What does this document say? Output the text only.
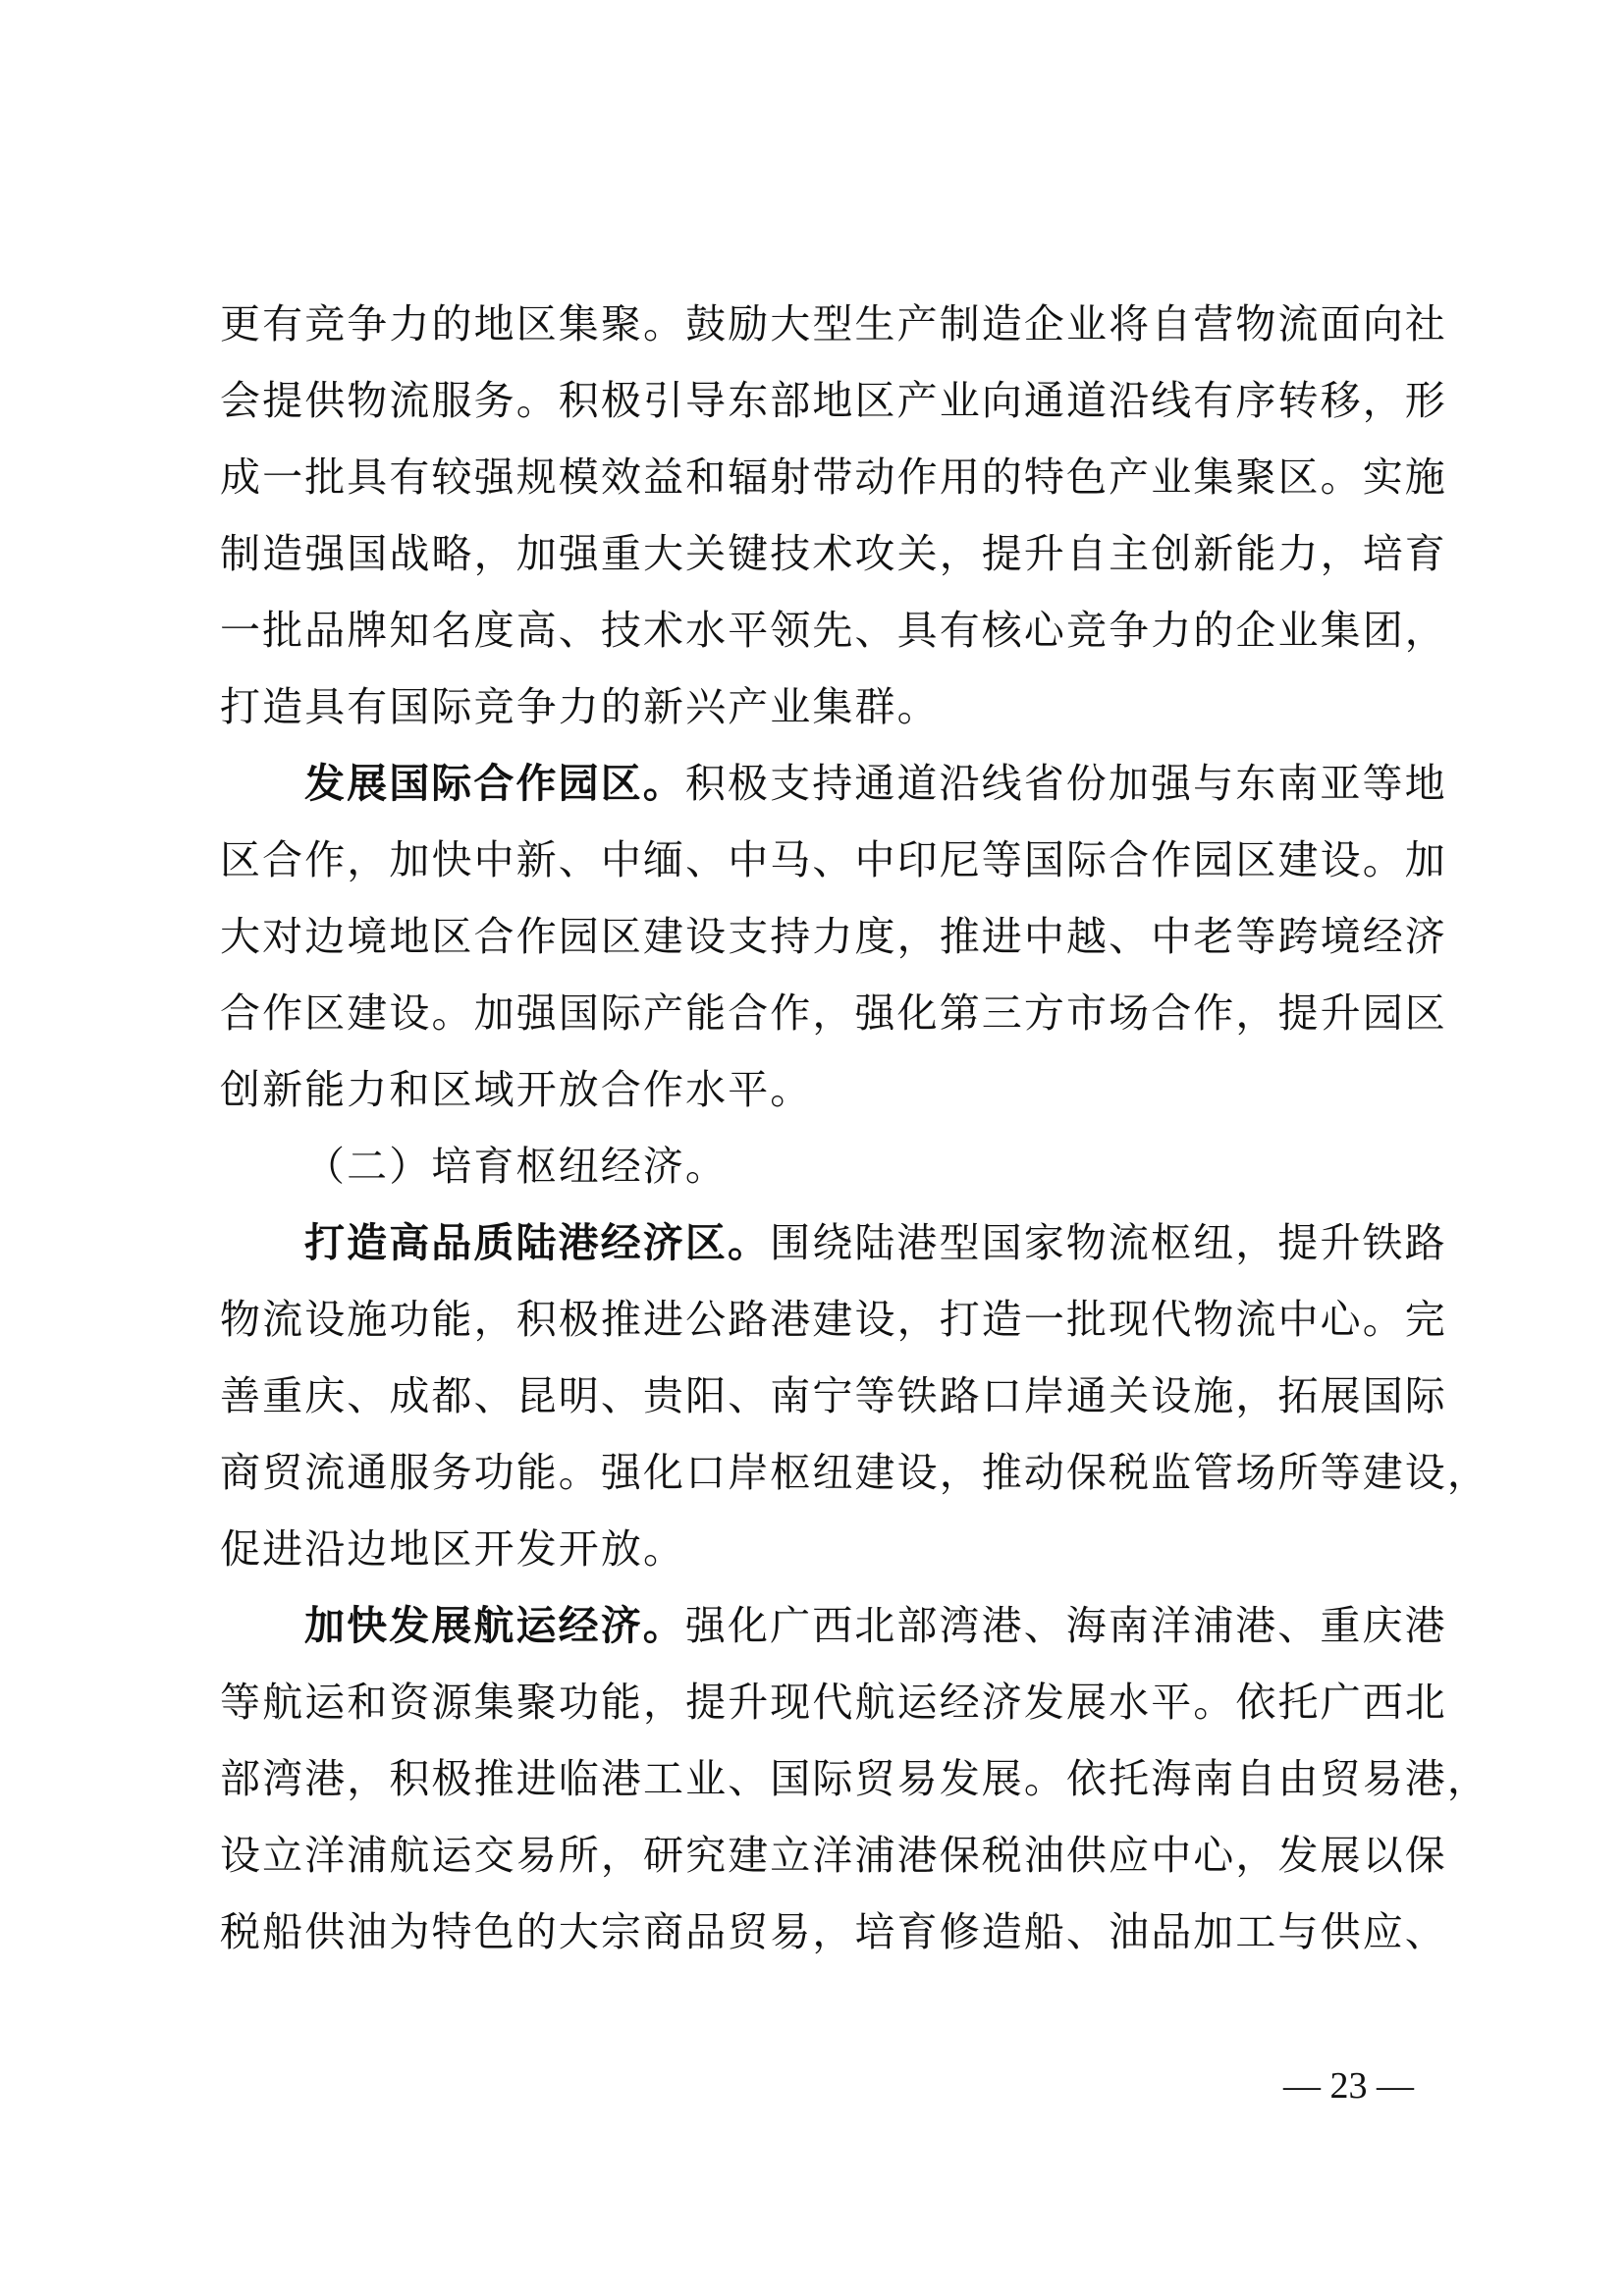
更有竞争力的地区集聚。鼓励大型生产制造企业将自营物流面向社
会提供物流服务。积极引导东部地区产业向通道沿线有序转移，形
成一批具有较强规模效益和辐射带动作用的特色产业集聚区。实施
制造强国战略，加强重大关键技术攻关，提升自主创新能力，培育
一批品牌知名度高、技术水平领先、具有核心竞争力的企业集团，
打造具有国际竞争力的新兴产业集群。
发展国际合作园区。积极支持通道沿线省份加强与东南亚等地
区合作，加快中新、中缅、中马、中印尼等国际合作园区建设。加
大对边境地区合作园区建设支持力度，推进中越、中老等跨境经济
合作区建设。加强国际产能合作，强化第三方市场合作，提升园区
创新能力和区域开放合作水平。
（二）培育枢纽经济。
打造高品质陆港经济区。围绕陆港型国家物流枢纽，提升铁路
物流设施功能，积极推进公路港建设，打造一批现代物流中心。完
善重庆、成都、昆明、贵阳、南宁等铁路口岸通关设施，拓展国际
商贸流通服务功能。强化口岸枢纽建设，推动保税监管场所等建设，
促进沿边地区开发开放。
加快发展航运经济。强化广西北部湾港、海南洋浦港、重庆港
等航运和资源集聚功能，提升现代航运经济发展水平。依托广西北
部湾港，积极推进临港工业、国际贸易发展。依托海南自由贸易港，
设立洋浦航运交易所，研究建立洋浦港保税油供应中心，发展以保
税船供油为特色的大宗商品贸易，培育修造船、油品加工与供应、
— 23 —
